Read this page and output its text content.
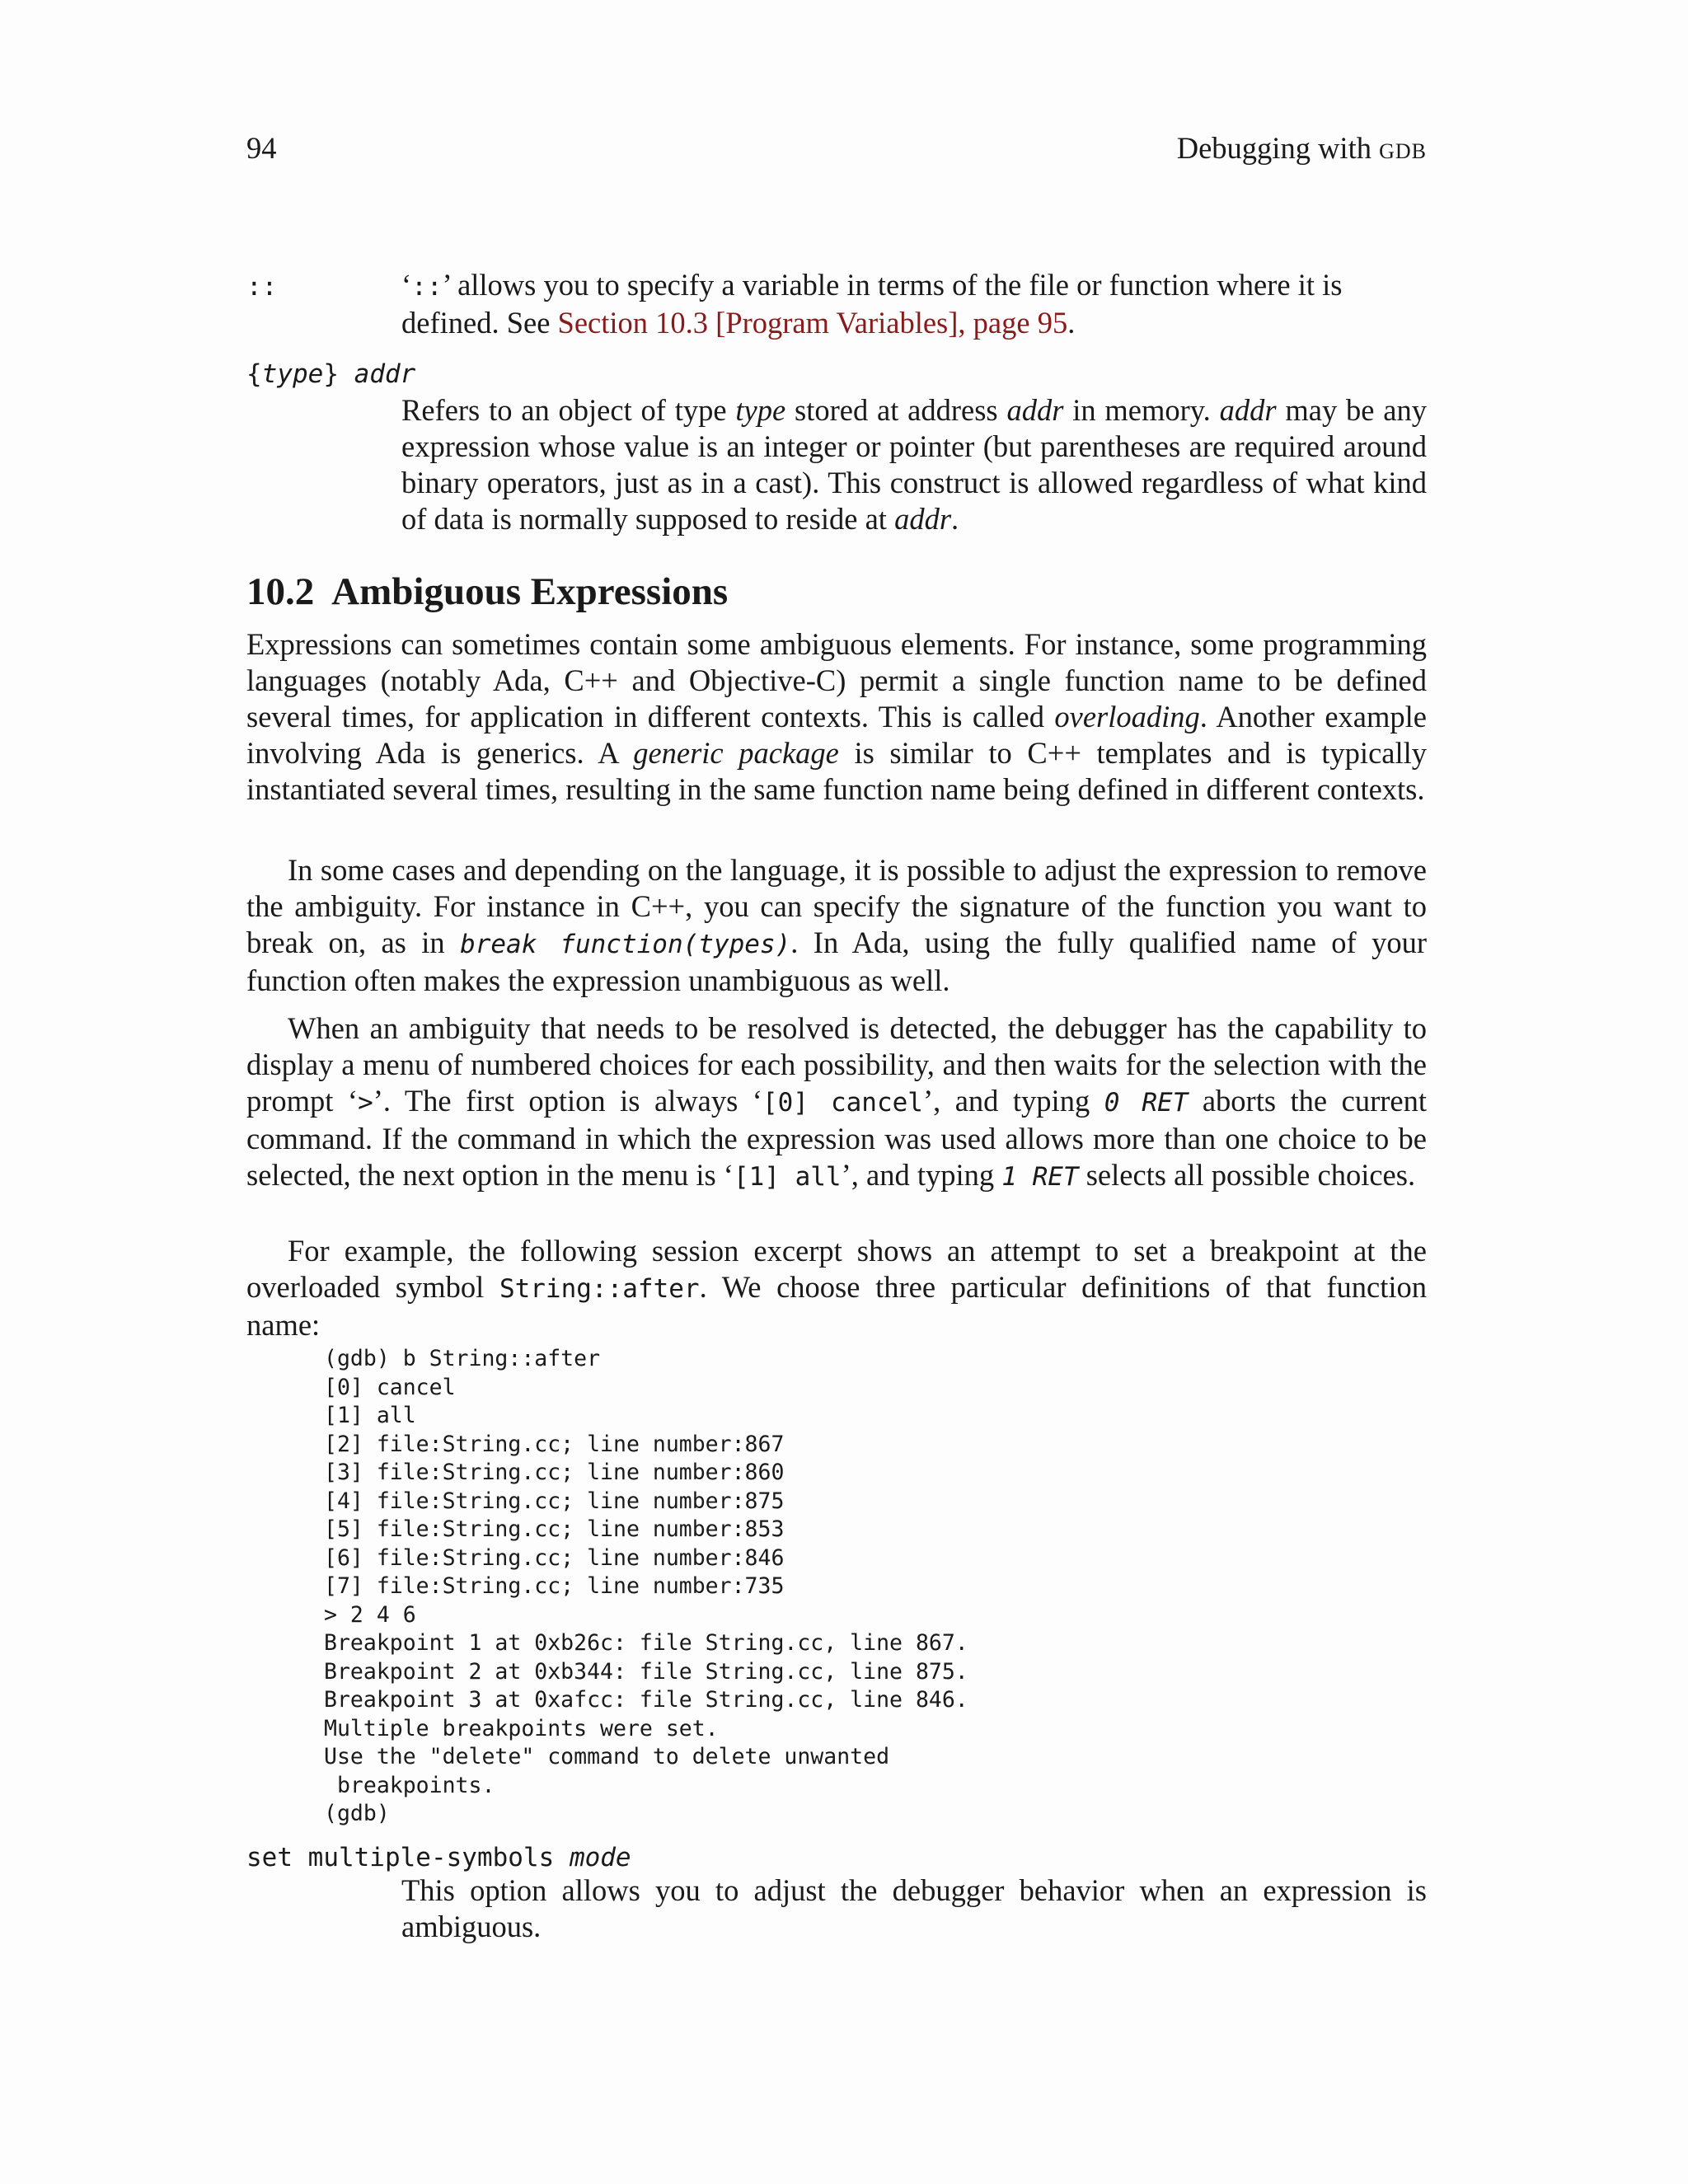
94	Debugging with gdb
::	‘::’ allows you to specify a variable in terms of the file or function where it is
defined. See Section 10.3 [Program Variables], page 95.
{type} addr

Refers to an object of type type stored at address addr in memory. addr may be any expression whose value is an integer or pointer (but parentheses are required around binary operators, just as in a cast). This construct is allowed regardless of what kind of data is normally supposed to reside at addr.

10.2  Ambiguous Expressions

Expressions can sometimes contain some ambiguous elements. For instance, some programming languages (notably Ada, C++ and Objective-C) permit a single function name to be defined several times, for application in different contexts. This is called overloading. Another example involving Ada is generics. A generic package is similar to C++ templates and is typically instantiated several times, resulting in the same function name being defined in different contexts.

In some cases and depending on the language, it is possible to adjust the expression to remove the ambiguity. For instance in C++, you can specify the signature of the function you want to break on, as in break function(types). In Ada, using the fully qualified name of your function often makes the expression unambiguous as well.

When an ambiguity that needs to be resolved is detected, the debugger has the capability to display a menu of numbered choices for each possibility, and then waits for the selection with the prompt ‘>’. The first option is always ‘[0] cancel’, and typing 0 RET aborts the current command. If the command in which the expression was used allows more than one choice to be selected, the next option in the menu is ‘[1] all’, and typing 1 RET selects all possible choices.

For example, the following session excerpt shows an attempt to set a breakpoint at the overloaded symbol String::after. We choose three particular definitions of that function name:

(gdb) b String::after
[0] cancel
[1] all
[2] file:String.cc; line number:867
[3] file:String.cc; line number:860
[4] file:String.cc; line number:875
[5] file:String.cc; line number:853
[6] file:String.cc; line number:846
[7] file:String.cc; line number:735
> 2 4 6
Breakpoint 1 at 0xb26c: file String.cc, line 867.
Breakpoint 2 at 0xb344: file String.cc, line 875.
Breakpoint 3 at 0xafcc: file String.cc, line 846.
Multiple breakpoints were set.
Use the "delete" command to delete unwanted
breakpoints.
(gdb)
set multiple-symbols mode

This option allows you to adjust the debugger behavior when an expression is ambiguous.
